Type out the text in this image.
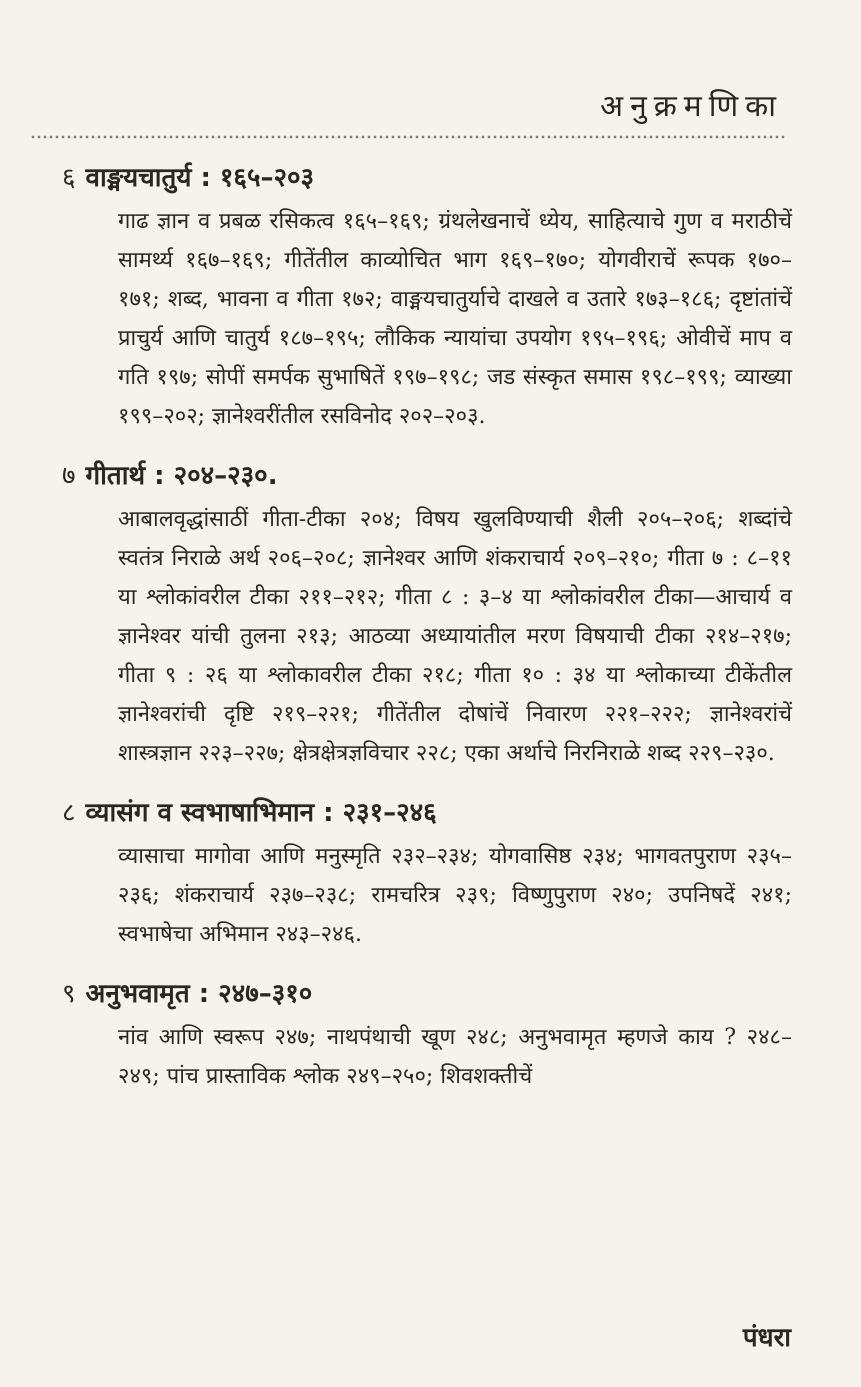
अनुक्रमणिका
६ वाङ्मयचातुर्य : १६५–२०३

गाढ ज्ञान व प्रबळ रसिकत्व १६५–१६९; ग्रंथलेखनाचें ध्येय, साहित्याचे गुण व मराठीचें सामर्थ्य १६७–१६९; गीतेंतील काव्योचित भाग १६९–१७०; योगवीराचें रूपक १७०–१७१; शब्द, भावना व गीता १७२; वाङ्मयचातुर्याचे दाखले व उतारे १७३–१८६; दृष्टांतांचें प्राचुर्य आणि चातुर्य १८७–१९५; लौकिक न्यायांचा उपयोग १९५–१९६; ओवीचें माप व गति १९७; सोपीं समर्पक सुभाषितें १९७–१९८; जड संस्कृत समास १९८–१९९; व्याख्या १९९–२०२; ज्ञानेश्वरींतील रसविनोद २०२–२०३.

७ गीतार्थ : २०४–२३०.

आबालवृद्धांसाठीं गीता-टीका २०४; विषय खुलविण्याची शैली २०५–२०६; शब्दांचे स्वतंत्र निराळे अर्थ २०६–२०८; ज्ञानेश्वर आणि शंकराचार्य २०९–२१०; गीता ७ : ८–११ या श्लोकांवरील टीका २११–२१२; गीता ८ : ३–४ या श्लोकांवरील टीका—आचार्य व ज्ञानेश्वर यांची तुलना २१३; आठव्या अध्यायांतील मरण विषयाची टीका २१४–२१७; गीता ९ : २६ या श्लोकावरील टीका २१८; गीता १० : ३४ या श्लोकाच्या टीकेंतील ज्ञानेश्वरांची दृष्टि २१९–२२१; गीतेंतील दोषांचें निवारण २२१–२२२; ज्ञानेश्वरांचें शास्त्रज्ञान २२३–२२७; क्षेत्रक्षेत्रज्ञविचार २२८; एका अर्थाचे निरनिराळे शब्द २२९–२३०.

८ व्यासंग व स्वभाषाभिमान : २३१–२४६

व्यासाचा मागोवा आणि मनुस्मृति २३२–२३४; योगवासिष्ठ २३४; भागवतपुराण २३५–२३६; शंकराचार्य २३७–२३८; रामचरित्र २३९; विष्णुपुराण २४०; उपनिषदें २४१; स्वभाषेचा अभिमान २४३–२४६.

९ अनुभवामृत : २४७–३१०

नांव आणि स्वरूप २४७; नाथपंथाची खूण २४८; अनुभवामृत म्हणजे काय ? २४८–२४९; पांच प्रास्ताविक श्लोक २४९–२५०; शिवशक्तीचें

पंधरा
